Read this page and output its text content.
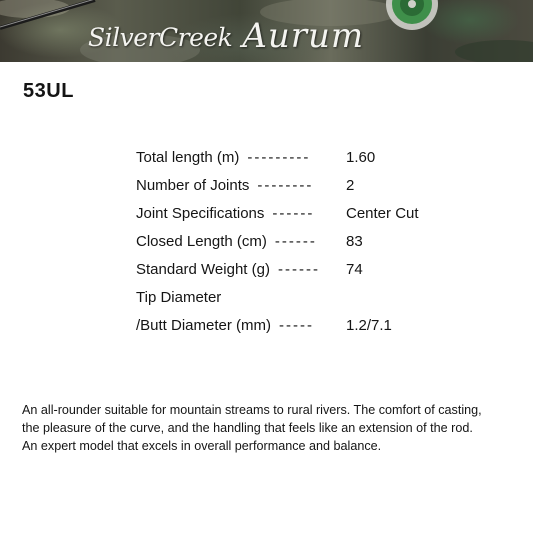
SilverCreek Aurum
53UL
Total length (m) --------- 1.60
Number of Joints -------- 2
Joint Specifications ------ Center Cut
Closed Length (cm) ------ 83
Standard Weight (g) ------ 74
Tip Diameter
/Butt Diameter (mm) ----- 1.2/7.1
An all-rounder suitable for mountain streams to rural rivers. The comfort of casting, the pleasure of the curve, and the handling that feels like an extension of the rod. An expert model that excels in overall performance and balance.
